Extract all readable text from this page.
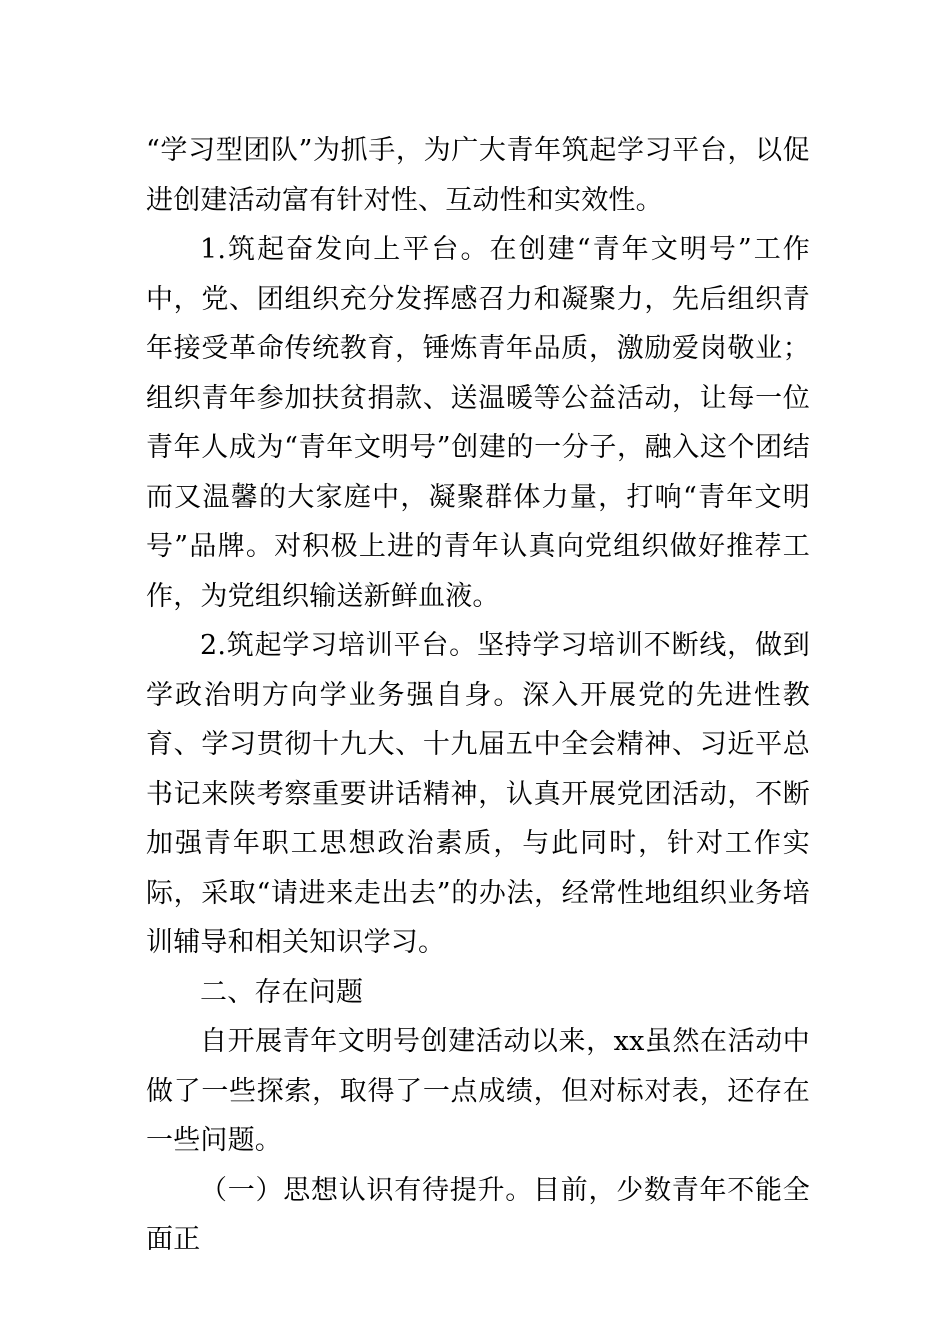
“学习型团队”为抓手，为广大青年筑起学习平台，以促进创建活动富有针对性、互动性和实效性。

1.筑起奋发向上平台。在创建“青年文明号”工作中，党、团组织充分发挥感召力和凝聚力，先后组织青年接受革命传统教育，锤炼青年品质，激励爱岗敬业；组织青年参加扶贫捐款、送温暖等公益活动，让每一位青年人成为“青年文明号”创建的一分子，融入这个团结而又温馨的大家庭中，凝聚群体力量，打响“青年文明号”品牌。对积极上进的青年认真向党组织做好推荐工作，为党组织输送新鲜血液。

2.筑起学习培训平台。坚持学习培训不断线，做到学政治明方向学业务强自身。深入开展党的先进性教育、学习贯彻十九大、十九届五中全会精神、习近平总书记来陕考察重要讲话精神，认真开展党团活动，不断加强青年职工思想政治素质，与此同时，针对工作实际，采取“请进来走出去”的办法，经常性地组织业务培训辅导和相关知识学习。

二、存在问题

自开展青年文明号创建活动以来，xx虽然在活动中做了一些探索，取得了一点成绩，但对标对表，还存在一些问题。

（一）思想认识有待提升。目前，少数青年不能全面正
